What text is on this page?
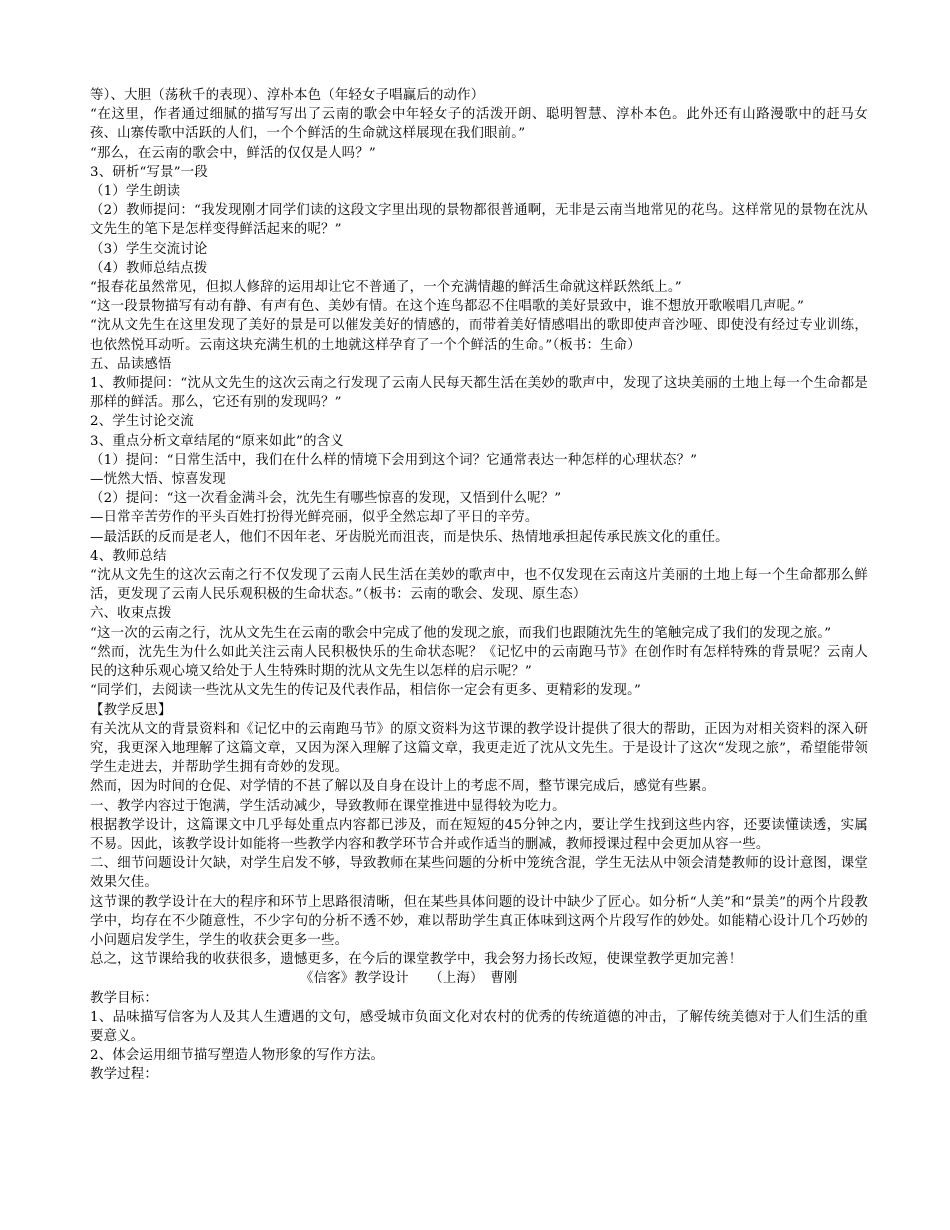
等）、大胆（荡秋千的表现）、淳朴本色（年轻女子唱赢后的动作）

“在这里，作者通过细腻的描写写出了云南的歌会中年轻女子的活泼开朗、聪明智慧、淳朴本色。此外还有山路漫歌中的赶马女孩、山寨传歌中活跃的人们，一个个鲜活的生命就这样展现在我们眼前。”

“那么，在云南的歌会中，鲜活的仅仅是人吗？”

3、研析“写景”一段

（1）学生朗读

（2）教师提问：“我发现刚才同学们读的这段文字里出现的景物都很普通啊，无非是云南当地常见的花鸟。这样常见的景物在沈从文先生的笔下是怎样变得鲜活起来的呢？”

（3）学生交流讨论

（4）教师总结点拨

“报春花虽然常见，但拟人修辞的运用却让它不普通了，一个充满情趣的鲜活生命就这样跃然纸上。”

“这一段景物描写有动有静、有声有色、美妙有情。在这个连鸟都忍不住唱歌的美好景致中，谁不想放开歌喉唱几声呢。”

“沈从文先生在这里发现了美好的景是可以催发美好的情感的，而带着美好情感唱出的歌即使声音沙哑、即使没有经过专业训练，也依然悦耳动听。云南这块充满生机的土地就这样孕育了一个个鲜活的生命。”（板书：生命）

五、品读感悟

1、教师提问：“沈从文先生的这次云南之行发现了云南人民每天都生活在美妙的歌声中，发现了这块美丽的土地上每一个生命都是那样的鲜活。那么，它还有别的发现吗？”

2、学生讨论交流

3、重点分析文章结尾的“原来如此”的含义

（1）提问：“日常生活中，我们在什么样的情境下会用到这个词？它通常表达一种怎样的心理状态？”

—恍然大悟、惊喜发现

（2）提问：“这一次看金满斗会，沈先生有哪些惊喜的发现，又悟到什么呢？”

—日常辛苦劳作的平头百姓打扮得光鲜亮丽，似乎全然忘却了平日的辛劳。

—最活跃的反而是老人，他们不因年老、牙齿脱光而沮丧，而是快乐、热情地承担起传承民族文化的重任。

4、教师总结

“沈从文先生的这次云南之行不仅发现了云南人民生活在美妙的歌声中，也不仅发现在云南这片美丽的土地上每一个生命都那么鲜活，更发现了云南人民乐观积极的生命状态。”（板书：云南的歌会、发现、原生态）

六、收束点拨

“这一次的云南之行，沈从文先生在云南的歌会中完成了他的发现之旅，而我们也跟随沈先生的笔触完成了我们的发现之旅。”

“然而，沈先生为什么如此关注云南人民积极快乐的生命状态呢？《记忆中的云南跑马节》在创作时有怎样特殊的背景呢？云南人民的这种乐观心境又给处于人生特殊时期的沈从文先生以怎样的启示呢？”

“同学们，去阅读一些沈从文先生的传记及代表作品，相信你一定会有更多、更精彩的发现。”

【教学反思】

有关沈从文的背景资料和《记忆中的云南跑马节》的原文资料为这节课的教学设计提供了很大的帮助，正因为对相关资料的深入研究，我更深入地理解了这篇文章，又因为深入理解了这篇文章，我更走近了沈从文先生。于是设计了这次“发现之旅”，希望能带领学生走进去，并帮助学生拥有奇妙的发现。

然而，因为时间的仓促、对学情的不甚了解以及自身在设计上的考虑不周，整节课完成后，感觉有些累。

一、教学内容过于饱满，学生活动减少，导致教师在课堂推进中显得较为吃力。

根据教学设计，这篇课文中几乎每处重点内容都已涉及，而在短短的45分钟之内，要让学生找到这些内容，还要读懂读透，实属不易。因此，该教学设计如能将一些教学内容和教学环节合并或作适当的删减，教师授课过程中会更加从容一些。

二、细节问题设计欠缺，对学生启发不够，导致教师在某些问题的分析中笼统含混，学生无法从中领会清楚教师的设计意图，课堂效果欠佳。

这节课的教学设计在大的程序和环节上思路很清晰，但在某些具体问题的设计中缺少了匠心。如分析“人美”和“景美”的两个片段教学中，均存在不少随意性，不少字句的分析不透不妙，难以帮助学生真正体味到这两个片段写作的妙处。如能精心设计几个巧妙的小问题启发学生，学生的收获会更多一些。

总之，这节课给我的收获很多，遗憾更多，在今后的课堂教学中，我会努力扬长改短，使课堂教学更加完善！

《信客》教学设计　　（上海）　曹刚

教学目标：

1、品味描写信客为人及其人生遭遇的文句，感受城市负面文化对农村的优秀的传统道德的冲击，了解传统美德对于人们生活的重要意义。

2、体会运用细节描写塑造人物形象的写作方法。

教学过程：
